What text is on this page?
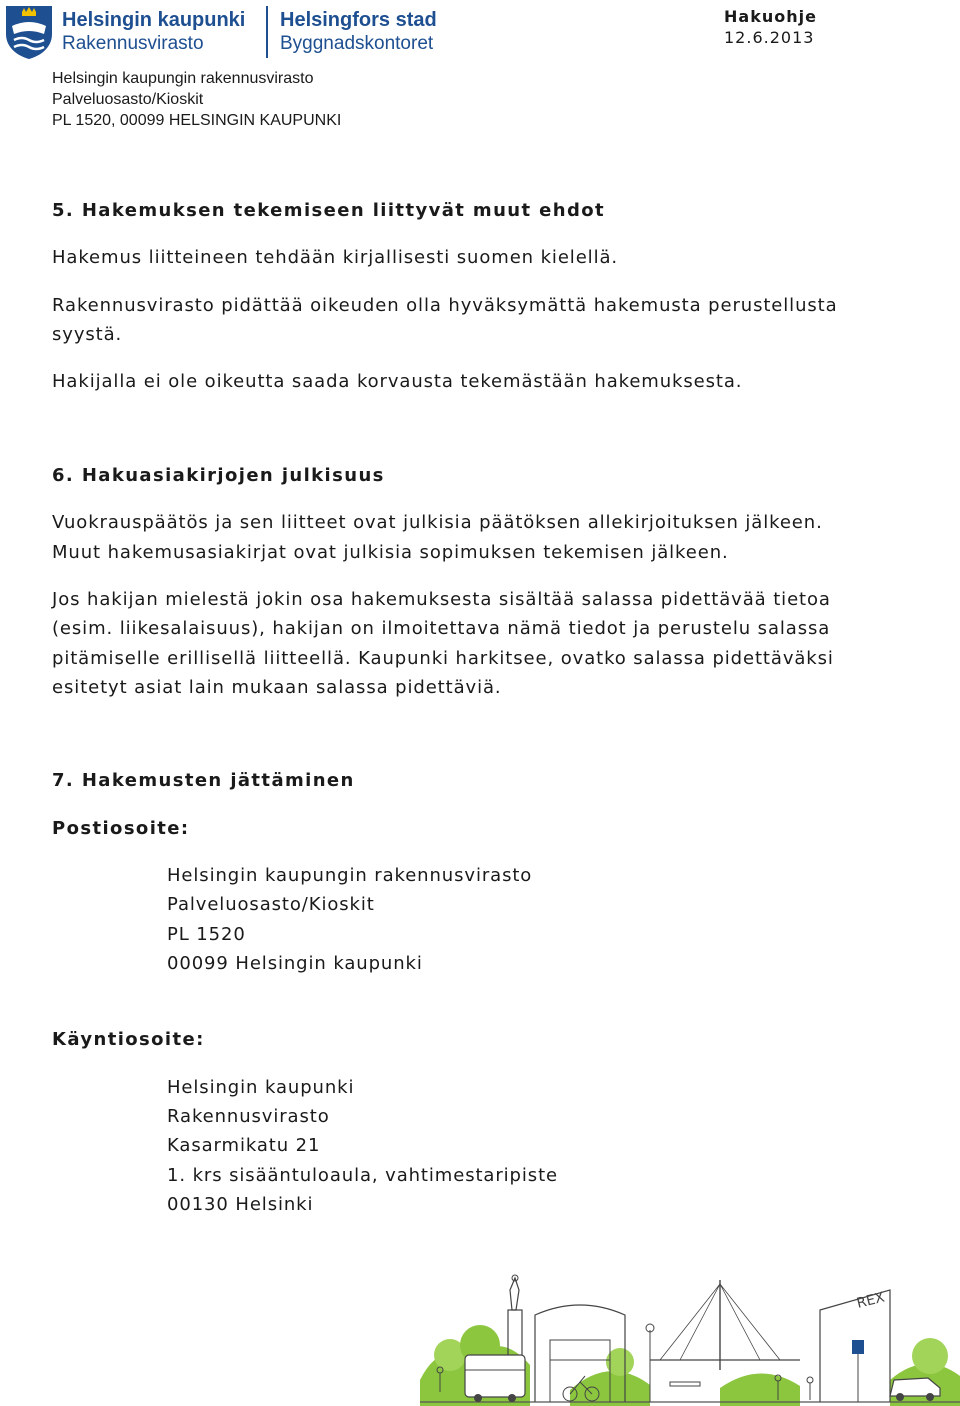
Helsingin kaupunki
Rakennusvirasto
Helsingfors stad
Byggnadskontoret
Hakuohje
12.6.2013
Helsingin kaupungin rakennusvirasto
Palveluosasto/Kioskit
PL 1520, 00099 HELSINGIN KAUPUNKI
5. Hakemuksen tekemiseen liittyvät muut ehdot
Hakemus liitteineen tehdään kirjallisesti suomen kielellä.
Rakennusvirasto pidättää oikeuden olla hyväksymättä hakemusta perustellusta
syystä.
Hakijalla ei ole oikeutta saada korvausta tekemästään hakemuksesta.
6. Hakuasiakirjojen julkisuus
Vuokrauspäätös ja sen liitteet ovat julkisia päätöksen allekirjoituksen jälkeen.
Muut hakemusasiakirjat ovat julkisia sopimuksen tekemisen jälkeen.
Jos hakijan mielestä jokin osa hakemuksesta sisältää salassa pidettävää tietoa
(esim. liikesalaisuus), hakijan on ilmoitettava nämä tiedot ja perustelu salassa
pitämiselle erillisellä liitteellä. Kaupunki harkitsee, ovatko salassa pidettäväksi
esitetyt asiat lain mukaan salassa pidettäviä.
7. Hakemusten jättäminen
Postiosoite:
Helsingin kaupungin rakennusvirasto
Palveluosasto/Kioskit
PL 1520
00099 Helsingin kaupunki
Käyntiosoite:
Helsingin kaupunki
Rakennusvirasto
Kasarmikatu 21
1. krs sisääntuloaula, vahtimestaripiste
00130 Helsinki
REX
